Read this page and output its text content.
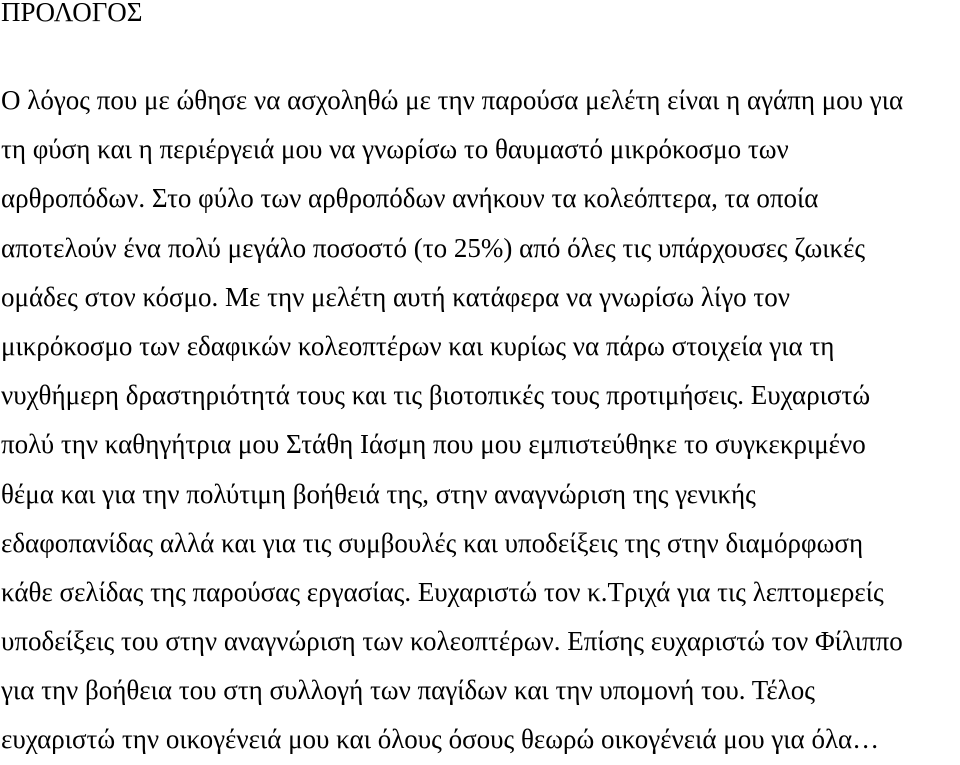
ΠΡΟΛΟΓΟΣ
Ο λόγος που με ώθησε να ασχοληθώ με την παρούσα μελέτη είναι η αγάπη μου για
τη φύση και η περιέργειά μου να γνωρίσω το θαυμαστό μικρόκοσμο των
αρθροπόδων. Στο φύλο των αρθροπόδων ανήκουν τα κολεόπτερα, τα οποία
αποτελούν ένα πολύ μεγάλο ποσοστό (το 25%) από όλες τις υπάρχουσες ζωικές
ομάδες στον κόσμο. Με την μελέτη αυτή κατάφερα να γνωρίσω λίγο τον
μικρόκοσμο των εδαφικών κολεοπτέρων και κυρίως να πάρω στοιχεία για τη
νυχθήμερη δραστηριότητά τους και τις βιοτοπικές τους προτιμήσεις. Ευχαριστώ
πολύ την καθηγήτρια μου Στάθη Ιάσμη που μου εμπιστεύθηκε το συγκεκριμένο
θέμα και για την πολύτιμη βοήθειά της, στην αναγνώριση της γενικής
εδαφοπανίδας αλλά και για τις συμβουλές και υποδείξεις της στην διαμόρφωση
κάθε σελίδας της παρούσας εργασίας. Ευχαριστώ τον κ.Τριχά για τις λεπτομερείς
υποδείξεις του στην αναγνώριση των κολεοπτέρων. Επίσης ευχαριστώ τον Φίλιππο
για την βοήθεια του στη συλλογή των παγίδων και την υπομονή του. Τέλος
ευχαριστώ την οικογένειά μου και όλους όσους θεωρώ οικογένειά μου για όλα…
